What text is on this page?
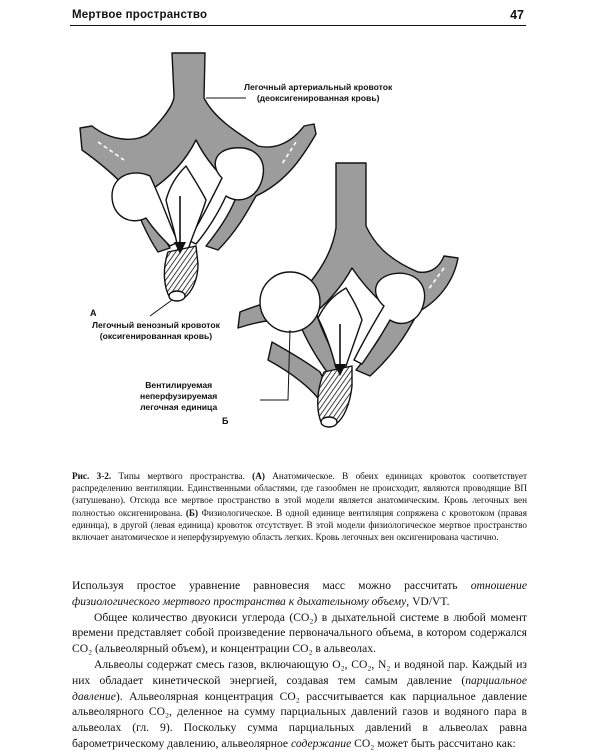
Мертвое пространство	47
Легочный артериальный кровоток
(деоксигенированная кровь)
Легочный венозный кровоток
(оксигенированная кровь)
Вентилируемая
неперфузируемая
легочная единица
А
Б
Рис. 3-2. Типы мертвого пространства. (А) Анатомическое. В обеих единицах кровоток соответствует распределению вентиляции. Единственными областями, где газообмен не происходит, являются проводящие ВП (затушевано). Отсюда все мертвое пространство в этой модели является анатомическим. Кровь легочных вен полностью оксигенирована. (Б) Физиологическое. В одной единице вентиляция сопряжена с кровотоком (правая единица), в другой (левая единица) кровоток отсутствует. В этой модели физиологическое мертвое пространство включает анатомическое и неперфузируемую область легких. Кровь легочных вен оксигенирована частично.

Используя простое уравнение равновесия масс можно рассчитать отношение физиологического мертвого пространства к дыхательному объему, VD/VT.

Общее количество двуокиси углерода (CO₂) в дыхательной системе в любой момент времени представляет собой произведение первоначального объема, в котором содержался CO₂ (альвеолярный объем), и концентрации CO₂ в альвеолах.

Альвеолы содержат смесь газов, включающую O₂, CO₂, N₂ и водяной пар. Каждый из них обладает кинетической энергией, создавая тем самым давление (парциальное давление). Альвеолярная концентрация CO₂ рассчитывается как парциальное давление альвеолярного CO₂, деленное на сумму парциальных давлений газов и водяного пара в альвеолах (гл. 9). Поскольку сумма парциальных давлений в альвеолах равна барометрическому давлению, альвеолярное содержание CO₂ может быть рассчитано как:
